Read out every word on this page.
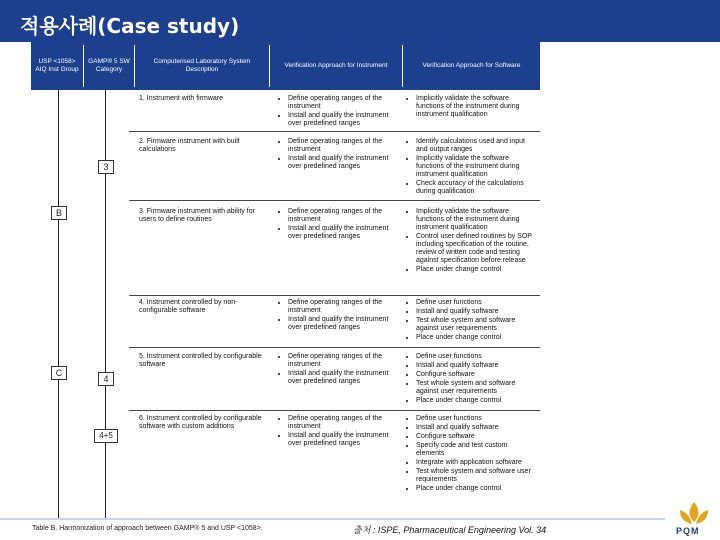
적용사례(Case study)
USP <1058> AIQ Inst Group
GAMP® 5 SW Category
Computerised Laboratory System Description
Verification Approach for Instrument	Verification Approach for Software
B
C
3
4
4+5
1. Instrument with firmware
•	Define operating ranges of the instrument
• Install and qualify the instrument over predefined ranges
• Implicitly validate the software functions of the instrument during instrument qualification
2. Firmware instrument with built calculations
• Define operating ranges of the instrument
• Install and qualify the instrument over predefined ranges
• Identify calculations used and input and output ranges
• Implicitly validate the software functions of the instrument during instrument qualification
• Check accuracy of the calculations during qualification
3. Firmware instrument with ability for users to define routines
• Define operating ranges of the instrument
• Install and qualify the instrument over predefined ranges
• Implicitly validate the software functions of the instrument during instrument qualification
• Control user defined routines by SOP including specification of the routine, review of written code and testing against specification before release
• Place under change control
4. Instrument controlled by non-configurable software
• Define operating ranges of the instrument
• Install and qualify the instrument over predefined ranges
• Define user functions
• Install and qualify software
• Test whole system and software against user requirements
• Place under change control
5. Instrument controlled by configurable software
• Define operating ranges of the instrument
• Install and qualify the instrument over predefined ranges
• Define user functions
• Install and qualify software
• Configure software
• Test whole system and software against user requirements
• Place under change control
6. Instrument controlled by configurable software with custom additions
• Define operating ranges of the instrument
• Install and qualify the instrument over predefined ranges
• Define user functions
• Install and qualify software
• Configure software
• Specify code and test custom elements
• Integrate with application software
• Test whole system and software user requirements
• Place under change control
Table B. Harmonization of approach between GAMP® 5 and USP <1058>.	출처 : ISPE, Pharmaceutical Engineering Vol. 34	PQM
